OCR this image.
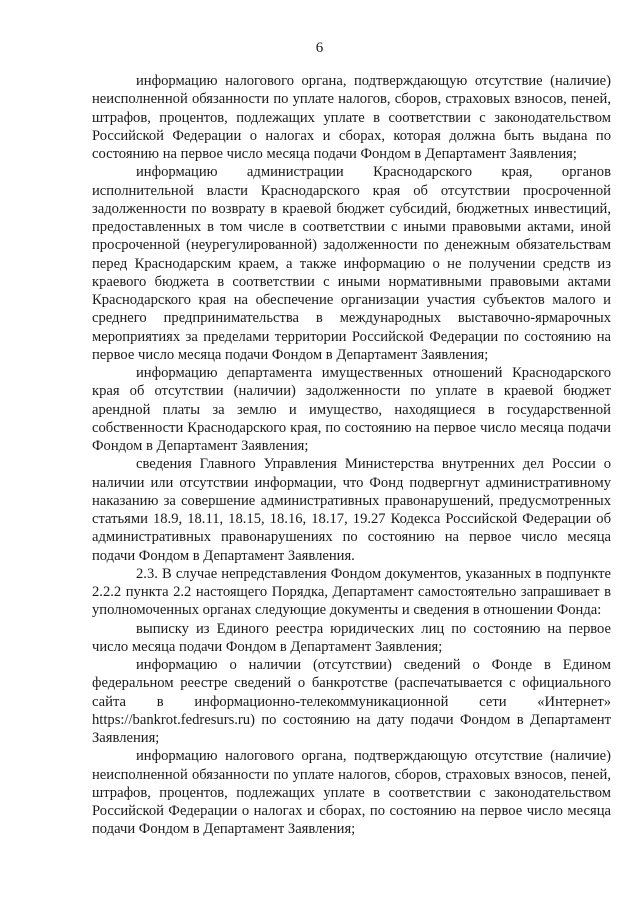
6

информацию налогового органа, подтверждающую отсутствие (наличие) неисполненной обязанности по уплате налогов, сборов, страховых взносов, пеней, штрафов, процентов, подлежащих уплате в соответствии с законодательством Российской Федерации о налогах и сборах, которая должна быть выдана по состоянию на первое число месяца подачи Фондом в Департамент Заявления;

информацию администрации Краснодарского края, органов исполнительной власти Краснодарского края об отсутствии просроченной задолженности по возврату в краевой бюджет субсидий, бюджетных инвестиций, предоставленных в том числе в соответствии с иными правовыми актами, иной просроченной (неурегулированной) задолженности по денежным обязательствам перед Краснодарским краем, а также информацию о не получении средств из краевого бюджета в соответствии с иными нормативными правовыми актами Краснодарского края на обеспечение организации участия субъектов малого и среднего предпринимательства в международных выставочно-ярмарочных мероприятиях за пределами территории Российской Федерации по состоянию на первое число месяца подачи Фондом в Департамент Заявления;

информацию департамента имущественных отношений Краснодарского края об отсутствии (наличии) задолженности по уплате в краевой бюджет арендной платы за землю и имущество, находящиеся в государственной собственности Краснодарского края, по состоянию на первое число месяца подачи Фондом в Департамент Заявления;

сведения Главного Управления Министерства внутренних дел России о наличии или отсутствии информации, что Фонд подвергнут административному наказанию за совершение административных правонарушений, предусмотренных статьями 18.9, 18.11, 18.15, 18.16, 18.17, 19.27 Кодекса Российской Федерации об административных правонарушениях по состоянию на первое число месяца подачи Фондом в Департамент Заявления.

2.3. В случае непредставления Фондом документов, указанных в подпункте 2.2.2 пункта 2.2 настоящего Порядка, Департамент самостоятельно запрашивает в уполномоченных органах следующие документы и сведения в отношении Фонда:

выписку из Единого реестра юридических лиц по состоянию на первое число месяца подачи Фондом в Департамент Заявления;

информацию о наличии (отсутствии) сведений о Фонде в Едином федеральном реестре сведений о банкротстве (распечатывается с официального сайта в информационно-телекоммуникационной сети «Интернет» https://bankrot.fedresurs.ru) по состоянию на дату подачи Фондом в Департамент Заявления;

информацию налогового органа, подтверждающую отсутствие (наличие) неисполненной обязанности по уплате налогов, сборов, страховых взносов, пеней, штрафов, процентов, подлежащих уплате в соответствии с законодательством Российской Федерации о налогах и сборах, по состоянию на первое число месяца подачи Фондом в Департамент Заявления;
